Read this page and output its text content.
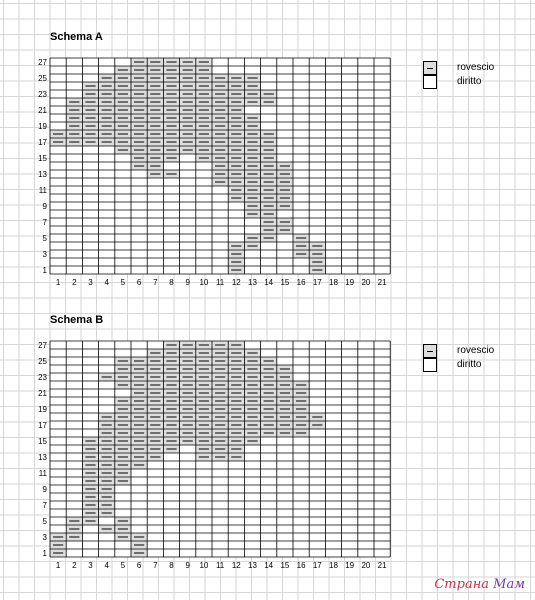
Schema A
1
3
5
7
9
11
13
15
17
19
21
23
25
27
1 2 3 4 5 6 7 8 9 10 11 12 13 14 15 16 17 18 19 20 21
rovescio
diritto
Schema B
1
3
5
7
9
11
13
15
17
19
21
23
25
27
1 2 3 4 5 6 7 8 9 10 11 12 13 14 15 16 17 18 19 20 21
rovescio
diritto
Страна Мам
